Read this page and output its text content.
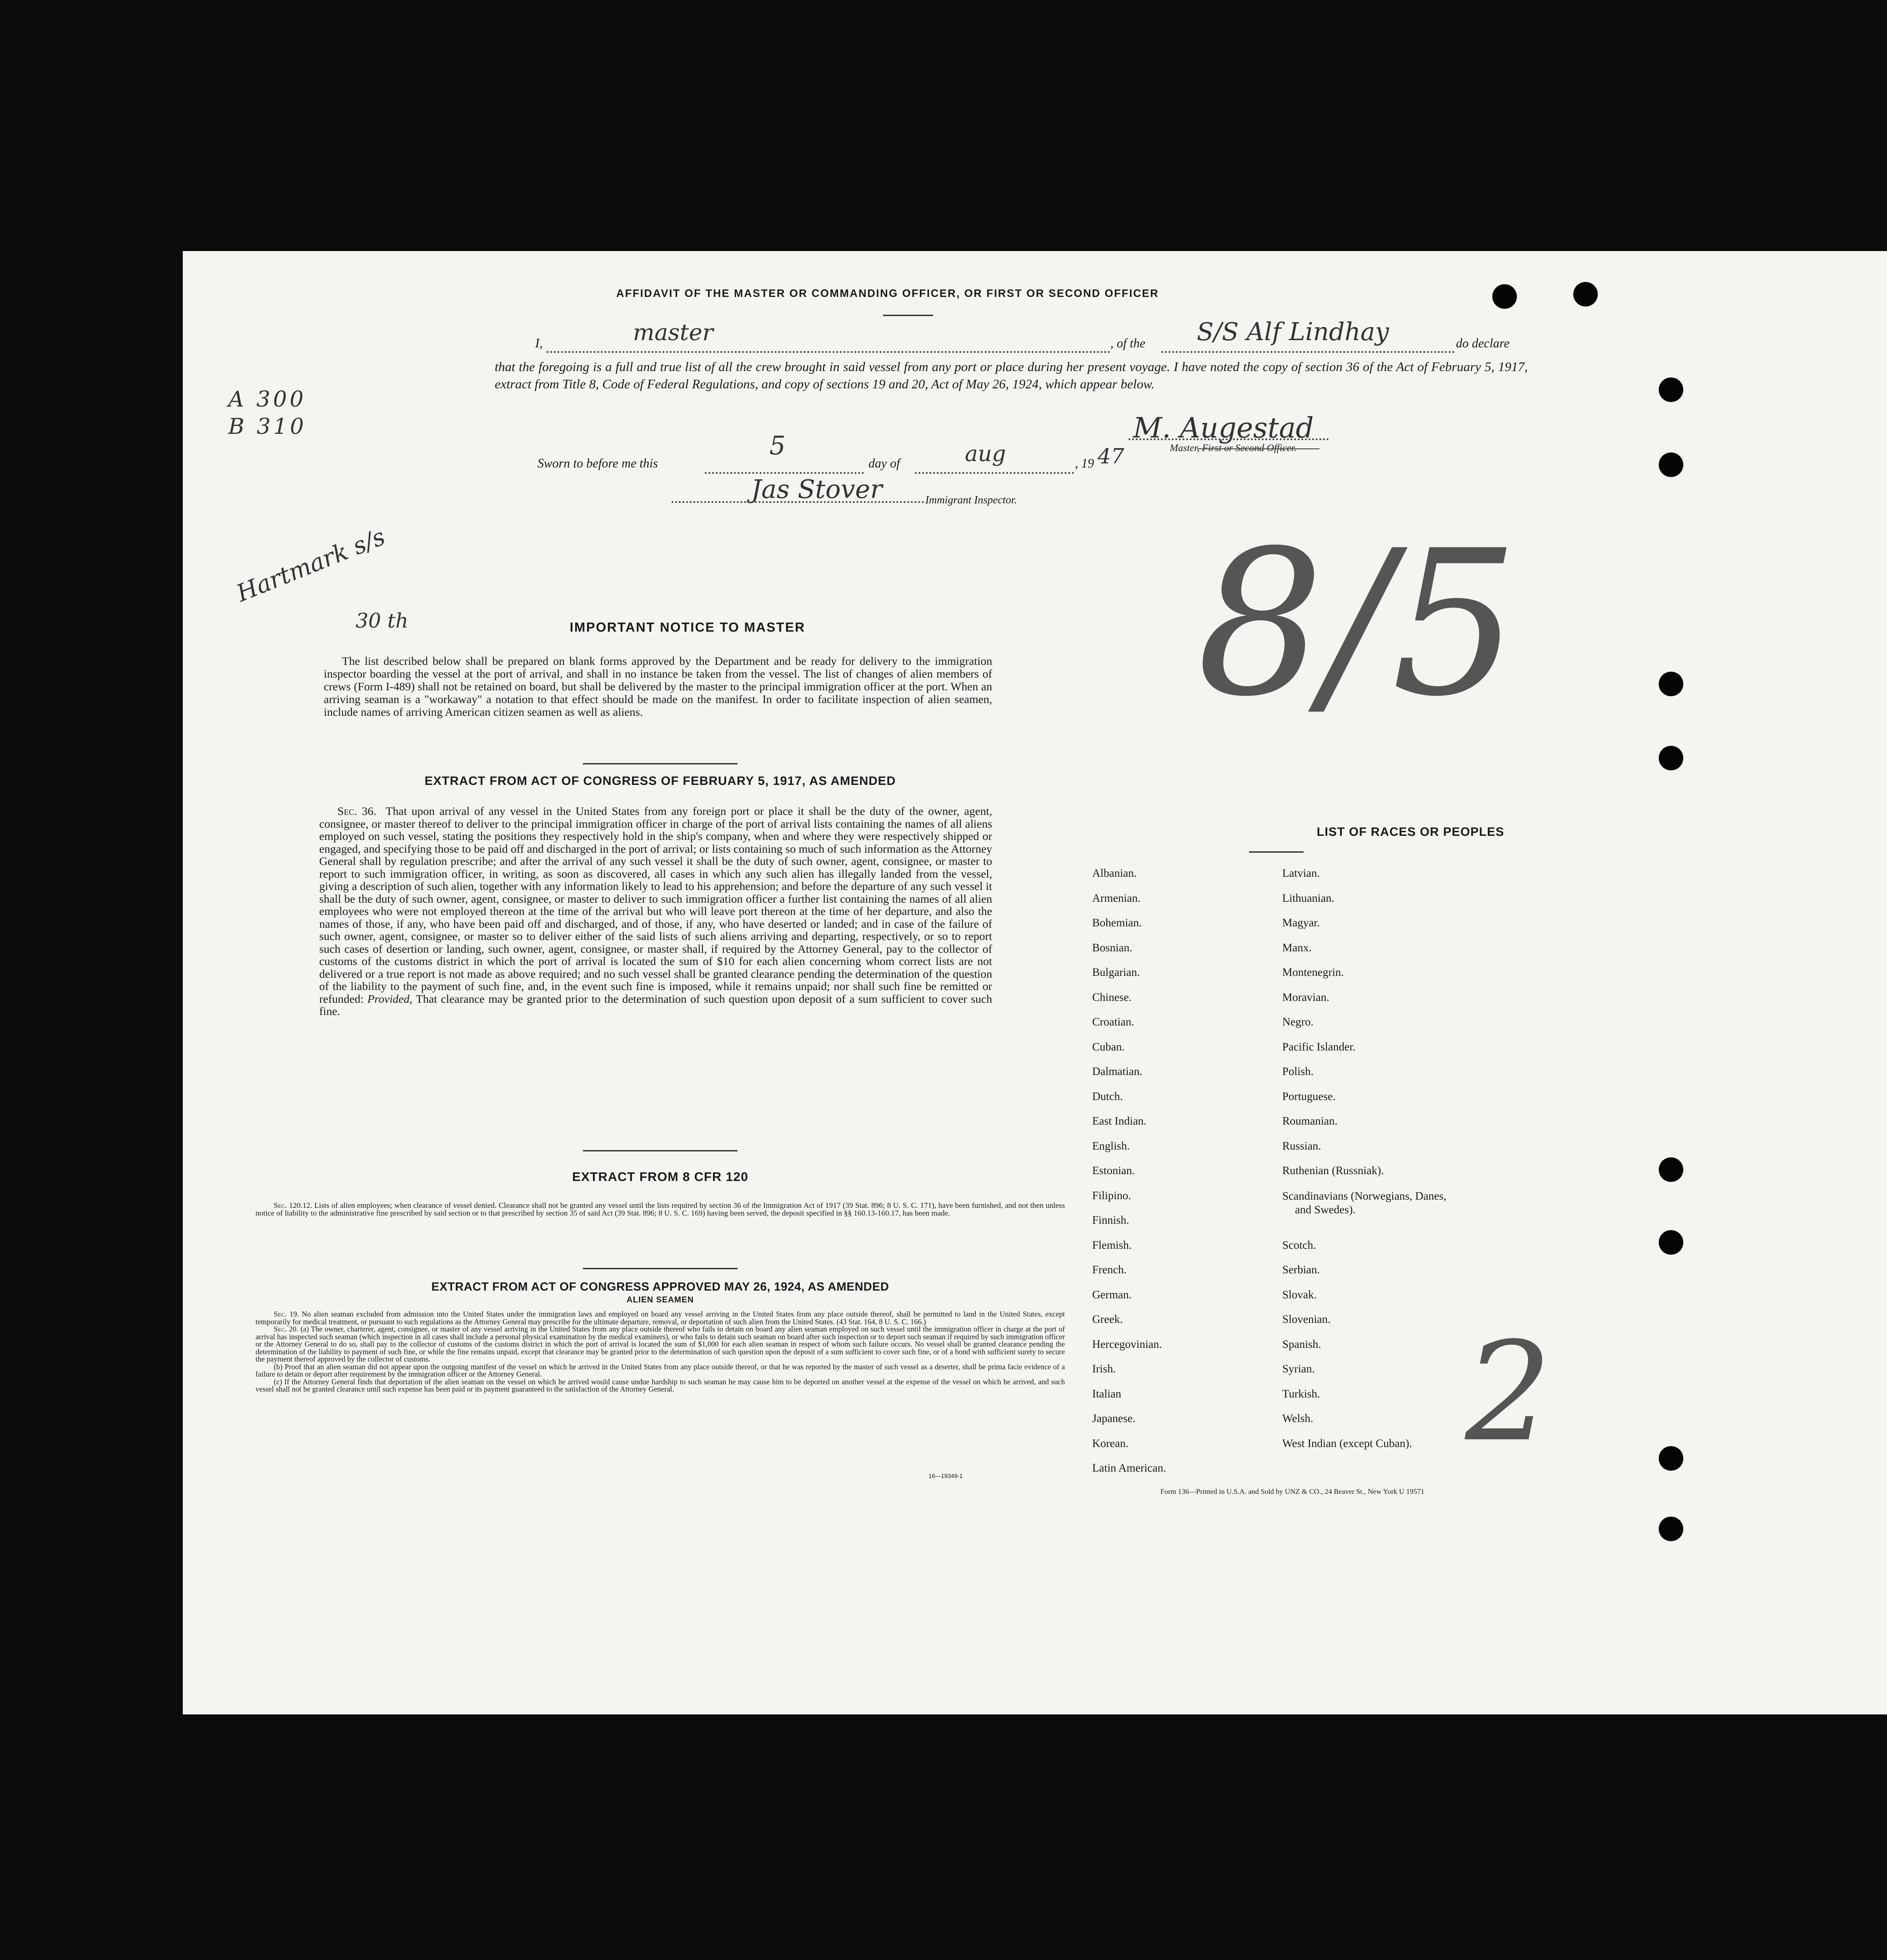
AFFIDAVIT OF THE MASTER OR COMMANDING OFFICER, OR FIRST OR SECOND OFFICER
I,	master	, of the S/S Alf Lindhay	do declare
that the foregoing is a full and true list of all the crew brought in said vessel from any port or place during her present voyage. I have noted the copy of section 36 of the Act of February 5, 1917, extract from Title 8, Code of Federal Regulations, and copy of sections 19 and 20, Act of May 26, 1924, which appear below.
M. Augestad
Master, First or Second Officer.
Sworn to before me this
5
day of	aug	, 19 47
Jas Stover	Immigrant Inspector.
IMPORTANT NOTICE TO MASTER
The list described below shall be prepared on blank forms approved by the Department and be ready for delivery to the immigration inspector boarding the vessel at the port of arrival, and shall in no instance be taken from the vessel. The list of changes of alien members of crews (Form I-489) shall not be retained on board, but shall be delivered by the master to the principal immigration officer at the port. When an arriving seaman is a "workaway" a notation to that effect should be made on the manifest. In order to facilitate inspection of alien seamen, include names of arriving American citizen seamen as well as aliens.
EXTRACT FROM ACT OF CONGRESS OF FEBRUARY 5, 1917, AS AMENDED
Sec. 36. That upon arrival of any vessel in the United States from any foreign port or place it shall be the duty of the owner, agent, consignee, or master thereof to deliver to the principal immigration officer in charge of the port of arrival lists containing the names of all aliens employed on such vessel, stating the positions they respectively hold in the ship's company, when and where they were respectively shipped or engaged, and specifying those to be paid off and discharged in the port of arrival; or lists containing so much of such information as the Attorney General shall by regulation prescribe; and after the arrival of any such vessel it shall be the duty of such owner, agent, consignee, or master to report to such immigration officer, in writing, as soon as discovered, all cases in which any such alien has illegally landed from the vessel, giving a description of such alien, together with any information likely to lead to his apprehension; and before the departure of any such vessel it shall be the duty of such owner, agent, consignee, or master to deliver to such immigration officer a further list containing the names of all alien employees who were not employed thereon at the time of the arrival but who will leave port thereon at the time of her departure, and also the names of those, if any, who have been paid off and discharged, and of those, if any, who have deserted or landed; and in case of the failure of such owner, agent, consignee, or master so to deliver either of the said lists of such aliens arriving and departing, respectively, or so to report such cases of desertion or landing, such owner, agent, consignee, or master shall, if required by the Attorney General, pay to the collector of customs of the customs district in which the port of arrival is located the sum of $10 for each alien concerning whom correct lists are not delivered or a true report is not made as above required; and no such vessel shall be granted clearance pending the determination of the question of the liability to the payment of such fine, and, in the event such fine is imposed, while it remains unpaid; nor shall such fine be remitted or refunded: Provided, That clearance may be granted prior to the determination of such question upon deposit of a sum sufficient to cover such fine.
EXTRACT FROM 8 CFR 120
Sec. 120.12. Lists of alien employees; when clearance of vessel denied. Clearance shall not be granted any vessel until the lists required by section 36 of the Immigration Act of 1917 (39 Stat. 896; 8 U. S. C. 171), have been furnished, and not then unless notice of liability to the administrative fine prescribed by said section or to that prescribed by section 35 of said Act (39 Stat. 896; 8 U. S. C. 169) having been served, the deposit specified in §§ 160.13-160.17, has been made.
EXTRACT FROM ACT OF CONGRESS APPROVED MAY 26, 1924, AS AMENDED
ALIEN SEAMEN
Sec. 19. No alien seaman excluded from admission into the United States under the immigration laws and employed on board any vessel arriving in the United States from any place outside thereof, shall be permitted to land in the United States, except temporarily for medical treatment, or pursuant to such regulations as the Attorney General may prescribe for the ultimate departure, removal, or deportation of such alien from the United States. (43 Stat. 164, 8 U. S. C. 166.)
Sec. 20. (a) The owner, charterer, agent, consignee, or master of any vessel arriving in the United States from any place outside thereof who fails to detain on board any alien seaman employed on such vessel until the immigration officer in charge at the port of arrival has inspected such seaman (which inspection in all cases shall include a personal physical examination by the medical examiners), or who fails to detain such seaman on board after such inspection or to deport such seaman if required by such immigration officer or the Attorney General to do so, shall pay to the collector of customs of the customs district in which the port of arrival is located the sum of $1,000 for each alien seaman in respect of whom such failure occurs. No vessel shall be granted clearance pending the determination of the liability to payment of such fine, or while the fine remains unpaid, except that clearance may be granted prior to the determination of such question upon the deposit of a sum sufficient to cover such fine, or of a bond with sufficient surety to secure the payment thereof approved by the collector of customs.
(b) Proof that an alien seaman did not appear upon the outgoing manifest of the vessel on which he arrived in the United States from any place outside thereof, or that he was reported by the master of such vessel as a deserter, shall be prima facie evidence of a failure to detain or deport after requirement by the immigration officer or the Attorney General.
(c) If the Attorney General finds that deportation of the alien seaman on the vessel on which he arrived would cause undue hardship to such seaman he may cause him to be deported on another vessel at the expense of the vessel on which he arrived, and such vessel shall not be granted clearance until such expense has been paid or its payment guaranteed to the satisfaction of the Attorney General.
16—19349-1
LIST OF RACES OR PEOPLES
Albanian.
Armenian.
Bohemian.
Bosnian.
Bulgarian.
Chinese.
Croatian.
Cuban.
Dalmatian.
Dutch.
East Indian.
English.
Estonian.
Filipino.
Finnish.
Flemish.
French.
German.
Greek.
Hercegovinian.
Irish.
Italian
Japanese.
Korean.
Latin American.
Latvian.
Lithuanian.
Magyar.
Manx.
Montenegrin.
Moravian.
Negro.
Pacific Islander.
Polish.
Portuguese.
Roumanian.
Russian.
Ruthenian (Russniak).
Scandinavians (Norwegians, Danes, and Swedes).
Scotch.
Serbian.
Slovak.
Slovenian.
Spanish.
Syrian.
Turkish.
Welsh.
West Indian (except Cuban).
Form 136—Printed in U.S.A. and Sold by UNZ & CO., 24 Beaver St., New York U 19571
A 300
B 310
Hartmark s/s
30 th	8/5
2
